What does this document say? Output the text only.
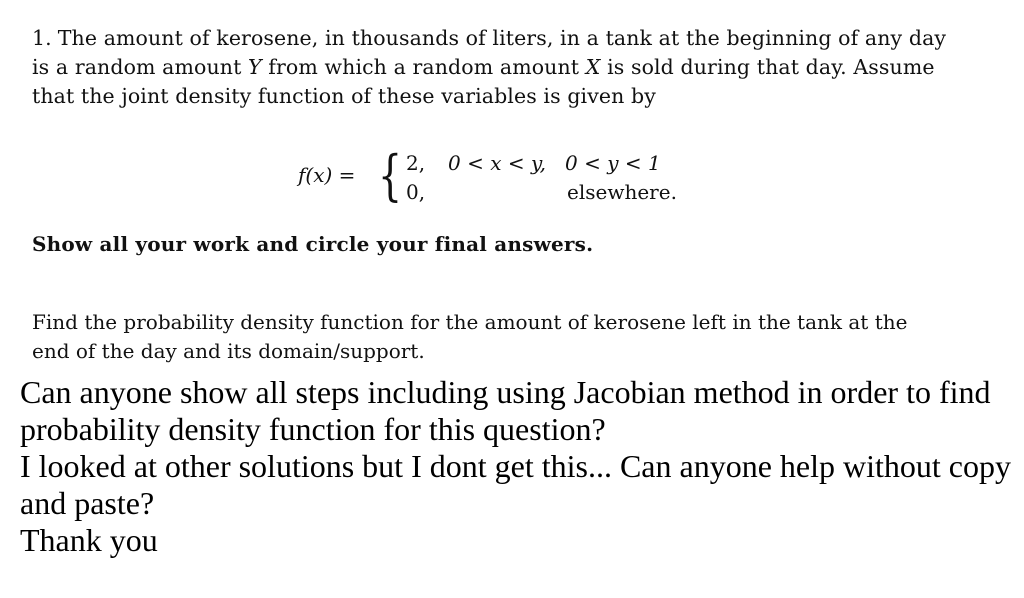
1. The amount of kerosene, in thousands of liters, in a tank at the beginning of any day
is a random amount Y from which a random amount X is sold during that day. Assume
that the joint density function of these variables is given by
f(x) = { 2, 0 < x < y,   0 < y < 1
0,	elsewhere.
Show all your work and circle your final answers.
Find the probability density function for the amount of kerosene left in the tank at the
end of the day and its domain/support.
Can anyone show all steps including using Jacobian method in order to find
probability density function for this question?
I looked at other solutions but I dont get this... Can anyone help without copy
and paste?
Thank you
